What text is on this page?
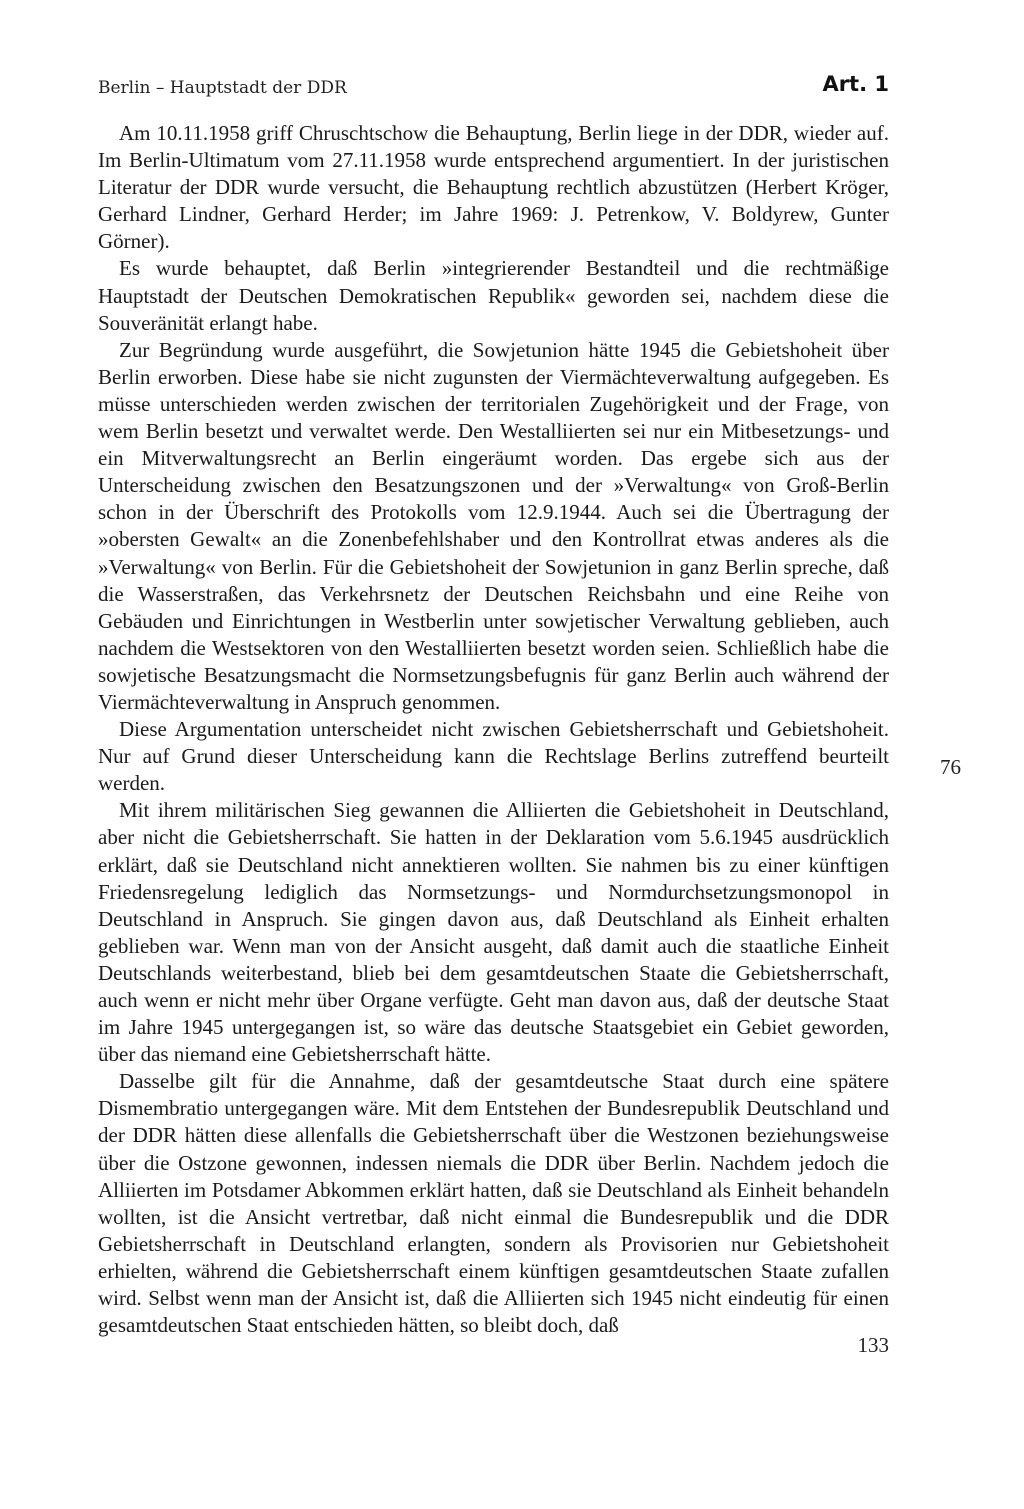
Berlin – Hauptstadt der DDR	Art. 1

Am 10.11.1958 griff Chruschtschow die Behauptung, Berlin liege in der DDR, wieder auf. Im Berlin-Ultimatum vom 27.11.1958 wurde entsprechend argumentiert. In der juristischen Literatur der DDR wurde versucht, die Behauptung rechtlich abzustützen (Herbert Kröger, Gerhard Lindner, Gerhard Herder; im Jahre 1969: J. Petrenkow, V. Boldyrew, Gunter Görner).

Es wurde behauptet, daß Berlin »integrierender Bestandteil und die rechtmäßige Hauptstadt der Deutschen Demokratischen Republik« geworden sei, nachdem diese die Souveränität erlangt habe.

Zur Begründung wurde ausgeführt, die Sowjetunion hätte 1945 die Gebietshoheit über Berlin erworben. Diese habe sie nicht zugunsten der Viermächteverwaltung aufgegeben. Es müsse unterschieden werden zwischen der territorialen Zugehörigkeit und der Frage, von wem Berlin besetzt und verwaltet werde. Den Westalliierten sei nur ein Mitbesetzungs- und ein Mitverwaltungsrecht an Berlin eingeräumt worden. Das ergebe sich aus der Unterscheidung zwischen den Besatzungszonen und der »Verwaltung« von Groß-Berlin schon in der Überschrift des Protokolls vom 12.9.1944. Auch sei die Übertragung der »obersten Gewalt« an die Zonenbefehlshaber und den Kontrollrat etwas anderes als die »Verwaltung« von Berlin. Für die Gebietshoheit der Sowjetunion in ganz Berlin spreche, daß die Wasserstraßen, das Verkehrsnetz der Deutschen Reichsbahn und eine Reihe von Gebäuden und Einrichtungen in Westberlin unter sowjetischer Verwaltung geblieben, auch nachdem die Westsektoren von den Westalliierten besetzt worden seien. Schließlich habe die sowjetische Besatzungsmacht die Normsetzungsbefugnis für ganz Berlin auch während der Viermächteverwaltung in Anspruch genommen.

Diese Argumentation unterscheidet nicht zwischen Gebietsherrschaft und Gebietshoheit. Nur auf Grund dieser Unterscheidung kann die Rechtslage Berlins zutreffend beurteilt werden.

Mit ihrem militärischen Sieg gewannen die Alliierten die Gebietshoheit in Deutschland, aber nicht die Gebietsherrschaft. Sie hatten in der Deklaration vom 5.6.1945 ausdrücklich erklärt, daß sie Deutschland nicht annektieren wollten. Sie nahmen bis zu einer künftigen Friedensregelung lediglich das Normsetzungs- und Normdurchsetzungsmonopol in Deutschland in Anspruch. Sie gingen davon aus, daß Deutschland als Einheit erhalten geblieben war. Wenn man von der Ansicht ausgeht, daß damit auch die staatliche Einheit Deutschlands weiterbestand, blieb bei dem gesamtdeutschen Staate die Gebietsherrschaft, auch wenn er nicht mehr über Organe verfügte. Geht man davon aus, daß der deutsche Staat im Jahre 1945 untergegangen ist, so wäre das deutsche Staatsgebiet ein Gebiet geworden, über das niemand eine Gebietsherrschaft hätte.

Dasselbe gilt für die Annahme, daß der gesamtdeutsche Staat durch eine spätere Dismembratio untergegangen wäre. Mit dem Entstehen der Bundesrepublik Deutschland und der DDR hätten diese allenfalls die Gebietsherrschaft über die Westzonen beziehungsweise über die Ostzone gewonnen, indessen niemals die DDR über Berlin. Nachdem jedoch die Alliierten im Potsdamer Abkommen erklärt hatten, daß sie Deutschland als Einheit behandeln wollten, ist die Ansicht vertretbar, daß nicht einmal die Bundesrepublik und die DDR Gebietsherrschaft in Deutschland erlangten, sondern als Provisorien nur Gebietshoheit erhielten, während die Gebietsherrschaft einem künftigen gesamtdeutschen Staate zufallen wird. Selbst wenn man der Ansicht ist, daß die Alliierten sich 1945 nicht eindeutig für einen gesamtdeutschen Staat entschieden hätten, so bleibt doch, daß

76
133
